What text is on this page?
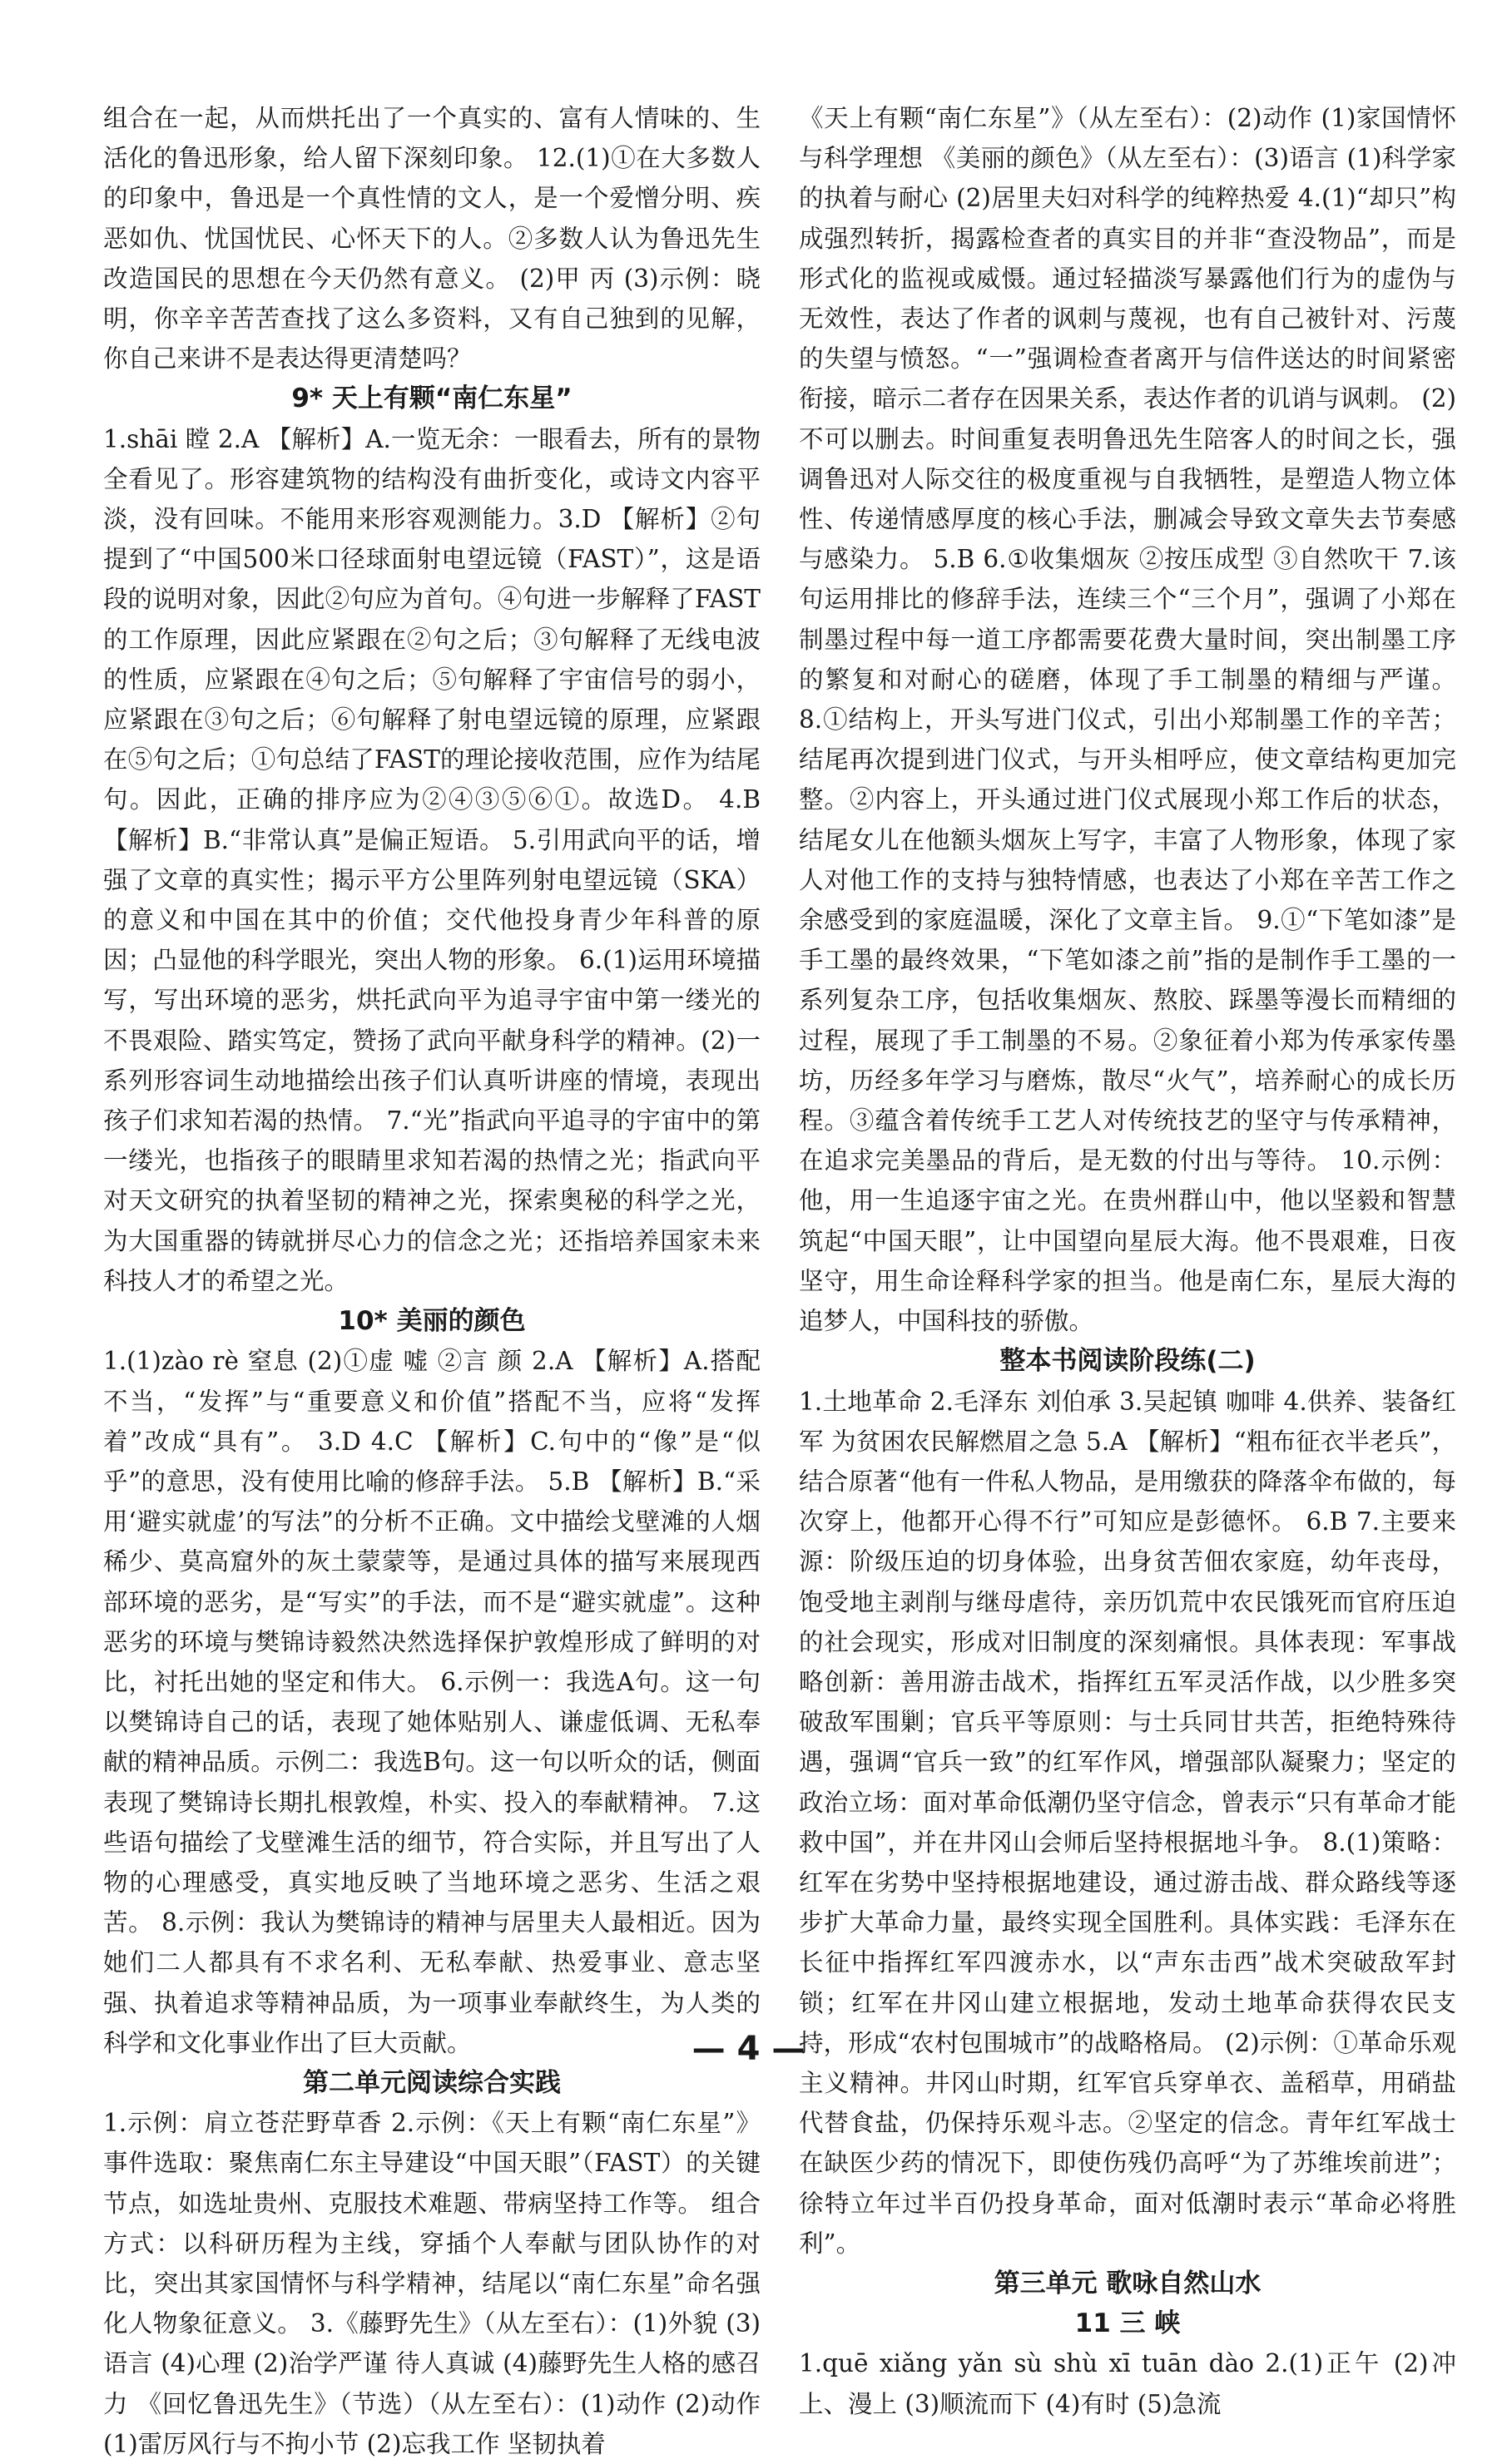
组合在一起，从而烘托出了一个真实的、富有人情味的、生活化的鲁迅形象，给人留下深刻印象。 12.(1)①在大多数人的印象中，鲁迅是一个真性情的文人，是一个爱憎分明、疾恶如仇、忧国忧民、心怀天下的人。②多数人认为鲁迅先生改造国民的思想在今天仍然有意义。 (2)甲 丙 (3)示例：晓明，你辛辛苦苦查找了这么多资料，又有自己独到的见解，你自己来讲不是表达得更清楚吗？

9* 天上有颗“南仁东星”

1.shāi 瞠 2.A 【解析】A.一览无余：一眼看去，所有的景物全看见了。形容建筑物的结构没有曲折变化，或诗文内容平淡，没有回味。不能用来形容观测能力。3.D 【解析】②句提到了“中国500米口径球面射电望远镜（FAST）”，这是语段的说明对象，因此②句应为首句。④句进一步解释了FAST的工作原理，因此应紧跟在②句之后；③句解释了无线电波的性质，应紧跟在④句之后；⑤句解释了宇宙信号的弱小，应紧跟在③句之后；⑥句解释了射电望远镜的原理，应紧跟在⑤句之后；①句总结了FAST的理论接收范围，应作为结尾句。因此，正确的排序应为②④③⑤⑥①。故选D。 4.B 【解析】B.“非常认真”是偏正短语。 5.引用武向平的话，增强了文章的真实性；揭示平方公里阵列射电望远镜（SKA）的意义和中国在其中的价值；交代他投身青少年科普的原因；凸显他的科学眼光，突出人物的形象。 6.(1)运用环境描写，写出环境的恶劣，烘托武向平为追寻宇宙中第一缕光的不畏艰险、踏实笃定，赞扬了武向平献身科学的精神。(2)一系列形容词生动地描绘出孩子们认真听讲座的情境，表现出孩子们求知若渴的热情。 7.“光”指武向平追寻的宇宙中的第一缕光，也指孩子的眼睛里求知若渴的热情之光；指武向平对天文研究的执着坚韧的精神之光，探索奥秘的科学之光，为大国重器的铸就拼尽心力的信念之光；还指培养国家未来科技人才的希望之光。

10* 美丽的颜色

1.(1)zào rè 窒息 (2)①虚 嘘 ②言 颜 2.A 【解析】A.搭配不当，“发挥”与“重要意义和价值”搭配不当，应将“发挥着”改成“具有”。 3.D 4.C 【解析】C.句中的“像”是“似乎”的意思，没有使用比喻的修辞手法。 5.B 【解析】B.“采用‘避实就虚’的写法”的分析不正确。文中描绘戈壁滩的人烟稀少、莫高窟外的灰土蒙蒙等，是通过具体的描写来展现西部环境的恶劣，是“写实”的手法，而不是“避实就虚”。这种恶劣的环境与樊锦诗毅然决然选择保护敦煌形成了鲜明的对比，衬托出她的坚定和伟大。 6.示例一：我选A句。这一句以樊锦诗自己的话，表现了她体贴别人、谦虚低调、无私奉献的精神品质。示例二：我选B句。这一句以听众的话，侧面表现了樊锦诗长期扎根敦煌，朴实、投入的奉献精神。 7.这些语句描绘了戈壁滩生活的细节，符合实际，并且写出了人物的心理感受，真实地反映了当地环境之恶劣、生活之艰苦。 8.示例：我认为樊锦诗的精神与居里夫人最相近。因为她们二人都具有不求名利、无私奉献、热爱事业、意志坚强、执着追求等精神品质，为一项事业奉献终生，为人类的科学和文化事业作出了巨大贡献。

第二单元阅读综合实践

1.示例：肩立苍茫野草香 2.示例：《天上有颗“南仁东星”》 事件选取：聚焦南仁东主导建设“中国天眼”（FAST）的关键节点，如选址贵州、克服技术难题、带病坚持工作等。 组合方式：以科研历程为主线，穿插个人奉献与团队协作的对比，突出其家国情怀与科学精神，结尾以“南仁东星”命名强化人物象征意义。 3.《藤野先生》（从左至右）：(1)外貌 (3)语言 (4)心理 (2)治学严谨 待人真诚 (4)藤野先生人格的感召力 《回忆鲁迅先生》（节选）（从左至右）：(1)动作 (2)动作 (1)雷厉风行与不拘小节 (2)忘我工作 坚韧执着

《天上有颗“南仁东星”》（从左至右）：(2)动作 (1)家国情怀与科学理想 《美丽的颜色》（从左至右）：(3)语言 (1)科学家的执着与耐心 (2)居里夫妇对科学的纯粹热爱 4.(1)“却只”构成强烈转折，揭露检查者的真实目的并非“查没物品”，而是形式化的监视或威慑。通过轻描淡写暴露他们行为的虚伪与无效性，表达了作者的讽刺与蔑视，也有自己被针对、污蔑的失望与愤怒。“一”强调检查者离开与信件送达的时间紧密衔接，暗示二者存在因果关系，表达作者的讥诮与讽刺。 (2)不可以删去。时间重复表明鲁迅先生陪客人的时间之长，强调鲁迅对人际交往的极度重视与自我牺牲，是塑造人物立体性、传递情感厚度的核心手法，删减会导致文章失去节奏感与感染力。 5.B 6.①收集烟灰 ②按压成型 ③自然吹干 7.该句运用排比的修辞手法，连续三个“三个月”，强调了小郑在制墨过程中每一道工序都需要花费大量时间，突出制墨工序的繁复和对耐心的磋磨，体现了手工制墨的精细与严谨。 8.①结构上，开头写进门仪式，引出小郑制墨工作的辛苦；结尾再次提到进门仪式，与开头相呼应，使文章结构更加完整。②内容上，开头通过进门仪式展现小郑工作后的状态，结尾女儿在他额头烟灰上写字，丰富了人物形象，体现了家人对他工作的支持与独特情感，也表达了小郑在辛苦工作之余感受到的家庭温暖，深化了文章主旨。 9.①“下笔如漆”是手工墨的最终效果，“下笔如漆之前”指的是制作手工墨的一系列复杂工序，包括收集烟灰、熬胶、踩墨等漫长而精细的过程，展现了手工制墨的不易。②象征着小郑为传承家传墨坊，历经多年学习与磨炼，散尽“火气”，培养耐心的成长历程。③蕴含着传统手工艺人对传统技艺的坚守与传承精神，在追求完美墨品的背后，是无数的付出与等待。 10.示例：他，用一生追逐宇宙之光。在贵州群山中，他以坚毅和智慧筑起“中国天眼”，让中国望向星辰大海。他不畏艰难，日夜坚守，用生命诠释科学家的担当。他是南仁东，星辰大海的追梦人，中国科技的骄傲。

整本书阅读阶段练(二)

1.土地革命 2.毛泽东 刘伯承 3.吴起镇 咖啡 4.供养、装备红军 为贫困农民解燃眉之急 5.A 【解析】“粗布征衣半老兵”，结合原著“他有一件私人物品，是用缴获的降落伞布做的，每次穿上，他都开心得不行”可知应是彭德怀。 6.B 7.主要来源：阶级压迫的切身体验，出身贫苦佃农家庭，幼年丧母，饱受地主剥削与继母虐待，亲历饥荒中农民饿死而官府压迫的社会现实，形成对旧制度的深刻痛恨。具体表现：军事战略创新：善用游击战术，指挥红五军灵活作战，以少胜多突破敌军围剿；官兵平等原则：与士兵同甘共苦，拒绝特殊待遇，强调“官兵一致”的红军作风，增强部队凝聚力；坚定的政治立场：面对革命低潮仍坚守信念，曾表示“只有革命才能救中国”，并在井冈山会师后坚持根据地斗争。 8.(1)策略：红军在劣势中坚持根据地建设，通过游击战、群众路线等逐步扩大革命力量，最终实现全国胜利。具体实践：毛泽东在长征中指挥红军四渡赤水，以“声东击西”战术突破敌军封锁；红军在井冈山建立根据地，发动土地革命获得农民支持，形成“农村包围城市”的战略格局。 (2)示例：①革命乐观主义精神。井冈山时期，红军官兵穿单衣、盖稻草，用硝盐代替食盐，仍保持乐观斗志。②坚定的信念。青年红军战士在缺医少药的情况下，即使伤残仍高呼“为了苏维埃前进”；徐特立年过半百仍投身革命，面对低潮时表示“革命必将胜利”。

第三单元 歌咏自然山水
11 三 峡

1.quē xiǎng yǎn sù shù xī tuān dào 2.(1)正午 (2)冲上、漫上 (3)顺流而下 (4)有时 (5)急流

— 4 —
